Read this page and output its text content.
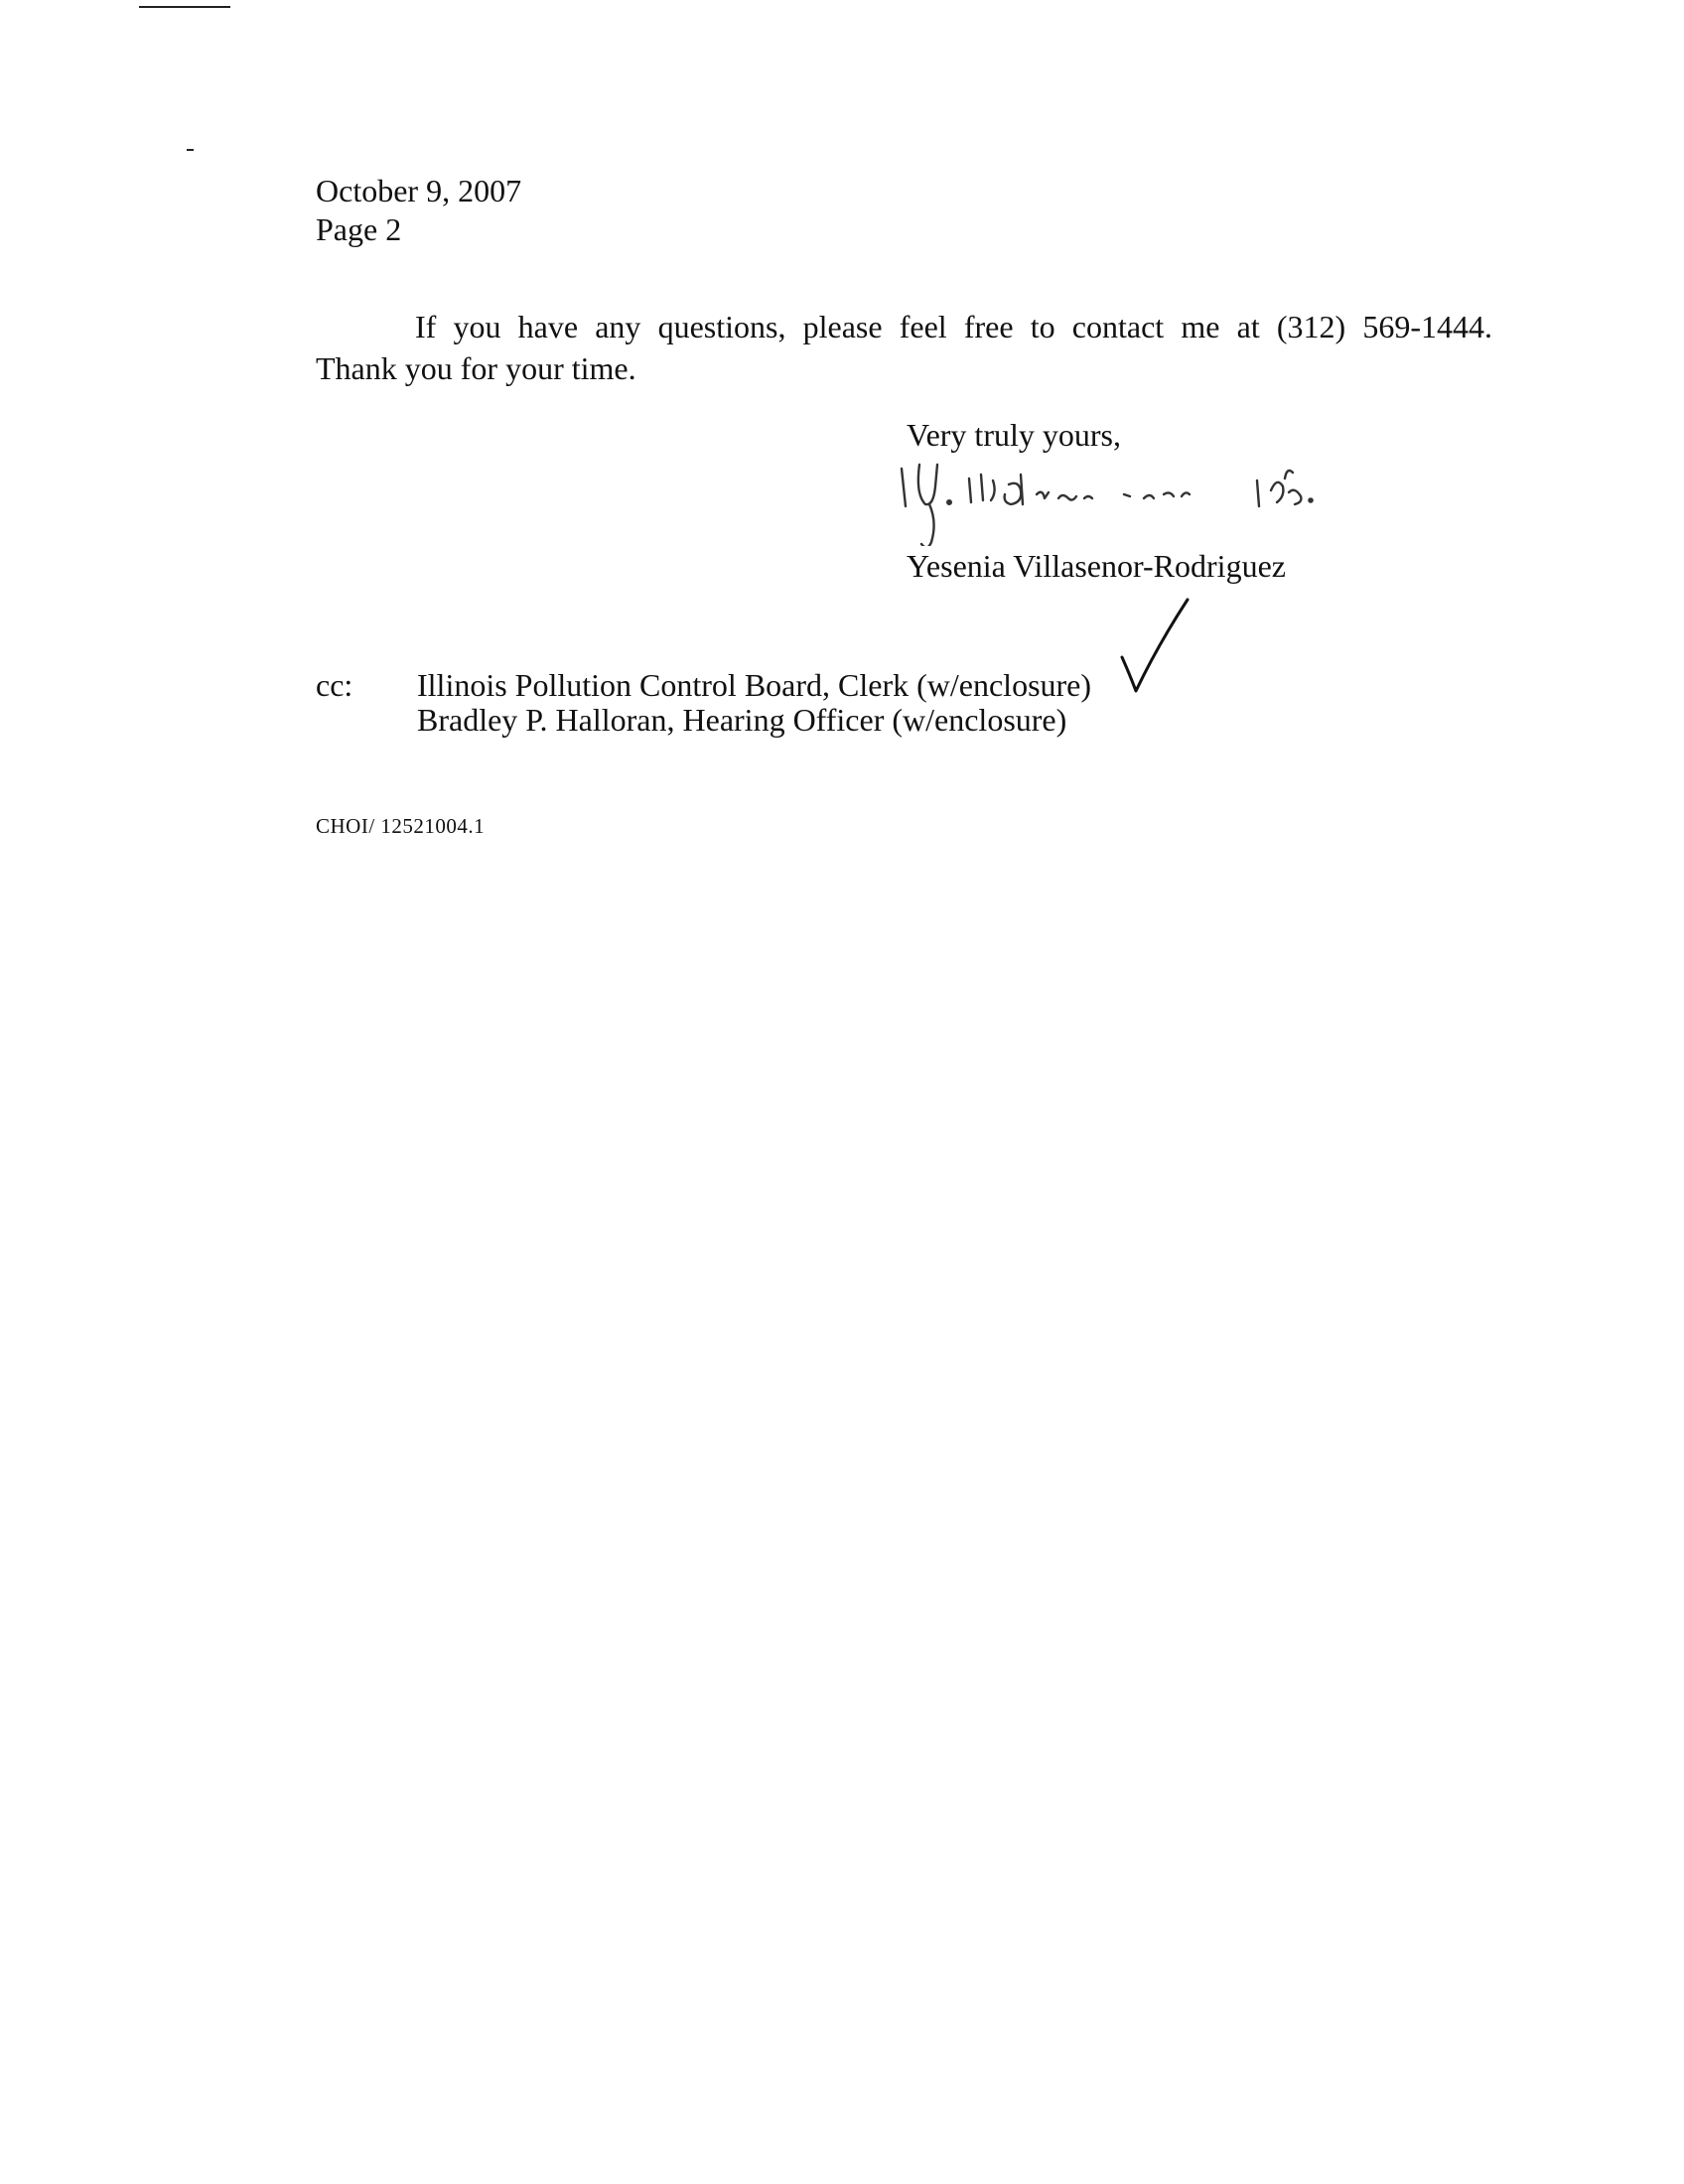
October 9, 2007
Page 2
If you have any questions, please feel free to contact me at (312) 569-1444.
Thank you for your time.
Very truly yours,
Yesenia Villasenor-Rodriguez
cc: Illinois Pollution Control Board, Clerk (w/enclosure)
Bradley P. Halloran, Hearing Officer (w/enclosure)
CHOI/ 12521004.1
